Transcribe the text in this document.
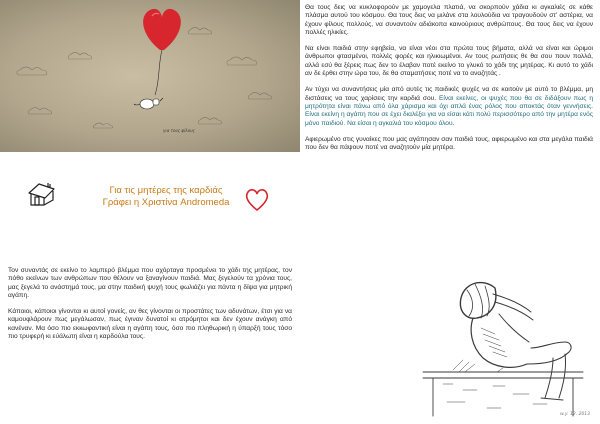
για τους φίλους
Για τις μητέρες της καρδιάς
Γράφει η Χριστίνα Andromeda

Τον συναντάς σε εκείνο το λαμπερό βλέμμα που αχόρταγα προσμένει το χάδι της μητέρας, τον πόθο εκείνων των ανθρώπων που θέλουν να ξαναγίνουν παιδιά. Μας ξεγελούν τα χρόνια τους, μας ξεγελά το ανάστημά τους, μα στην παιδική ψυχή τους φωλιάζει για πάντα η δίψα για μητρική αγάπη.

Κάποιοι, κάποιοι γίνονται κι αυτοί γονείς, αν θες γίνονται οι προστάτες των αδυνάτων, έτσι για να καμουφλάρουν πως μεγάλωσαν, πως έγιναν δυνατοί κι ατρόμητοι και δεν έχουν ανάγκη από κανέναν. Μα όσο πιο εκκωφαντική είναι η αγάπη τους, όσο πιο πληθωρική η ύπαρξή τους τόσο πιο τρυφερή κι εύάλωτη είναι η καρδούλα τους.

Θα τους δεις να κυκλοφορούν με χαμογελα πλατιά, να σκορπούν χάδια κι αγκαλιές σε κάθε πλάσμα αυτού του κόσμου. Θα τους δεις να μιλάνε στα λουλούδια να τραγουδούν στ' αστέρια, να έχουν φίλους πολλούς, να συναντούν αδιάκοπα καινούριους ανθρώπους. Θα τους δεις να έχουν πολλές ηλικίες.

Να είναι παιδιά στην εφηβεία, να είναι νέοι στα πρώτα τους βήματα, αλλά να είναι και ώριμοι άνθρωποι φτασμένοι, πολλές φορές και ηλικιωμένοι. Αν τους ρωτήσεις θε θα σου πουν πολλά, αλλά εσύ θα ξέρεις πως δεν το έλαβαν ποτέ εκείνο το γλυκό το χάδι της μητέρας. Κι αυτό το χάδι αν δε έρθει στην ώρα του, δε θα σταματήσεις ποτέ να το αναζητάς .

Αν τύχει να συναντήσεις μία από αυτές τις παιδικές ψυχές να σε κοιτούν με αυτό το βλέμμα, μη διστάσεις να τους χαρίσεις την καρδιά σου. Είναι εκείνες, οι ψυχές που θα σε διδάξουν πως η μητρότητα είναι πάνω από όλα χάρισμα και όχι απλά ένας ρόλος που αποκτάς όταν γεννήσεις. Είναι εκείνη η αγάπη που σε έχει διαλέξει για να είσαι κάτι πολύ περισσότερο από την μητέρα ενός μόνο παιδιού. Να είσαι η αγκαλιά του κόσμου όλου.

Αφιερωμένο στις γυναίκες που μας αγάπησαν σαν παιδιά τους, αφιερωμένο και στα μεγάλα παιδιά που δεν θα πάψουν ποτέ να αναζητούν μία μητέρα.

w.y. 12. 2013
